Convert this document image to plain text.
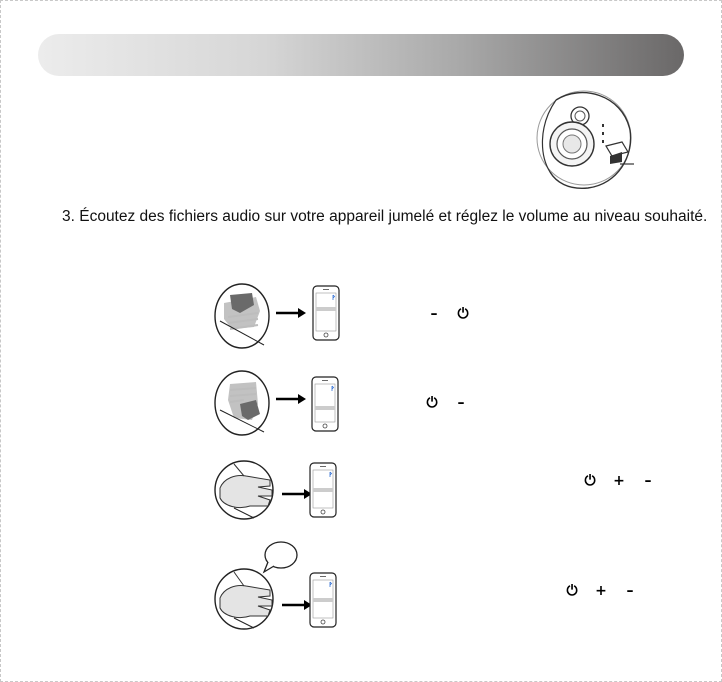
3. Écoutez des fichiers audio sur votre appareil jumelé et réglez le volume au niveau souhaité.
–	⏻
⏻	–
⏻ +	–
⏻ +	–
